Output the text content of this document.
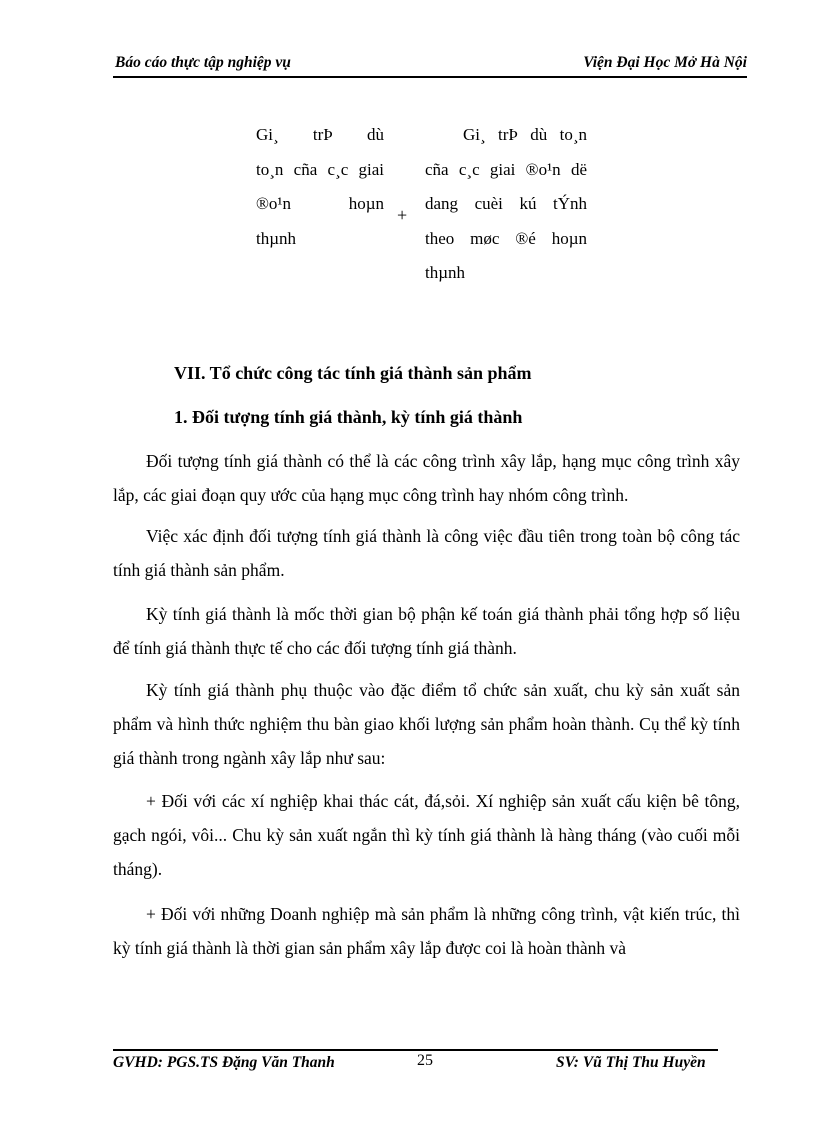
Báo cáo thực tập nghiệp vụ	Viện Đại Học Mở Hà Nội
Gi¸ trÞ dù
to¸n cña c¸c giai
®o¹n hoµn
thµnh
+
Gi¸ trÞ dù to¸n
cña c¸c giai ®o¹n dë
dang cuèi kú tÝnh
theo møc ®é hoµn
thµnh
VII. Tổ chức công tác tính giá thành sản phẩm
1. Đối tượng tính giá thành, kỳ tính giá thành
Đối tượng tính giá thành có thể là các công trình xây lắp, hạng mục công trình xây lắp, các giai đoạn quy ước của hạng mục công trình hay nhóm công trình.
Việc xác định đối tượng tính giá thành là công việc đầu tiên trong toàn bộ công tác tính giá thành sản phẩm.
Kỳ tính giá thành là mốc thời gian bộ phận kế toán giá thành phải tổng hợp số liệu để tính giá thành thực tế cho các đối tượng tính giá thành.
Kỳ tính giá thành phụ thuộc vào đặc điểm tổ chức sản xuất, chu kỳ sản xuất sản phẩm và hình thức nghiệm thu bàn giao khối lượng sản phẩm hoàn thành. Cụ thể kỳ tính giá thành trong ngành xây lắp như sau:
+ Đối với các xí nghiệp khai thác cát, đá,sỏi. Xí nghiệp sản xuất cấu kiện bê tông, gạch ngói, vôi... Chu kỳ sản xuất ngắn thì kỳ tính giá thành là hàng tháng (vào cuối mỗi tháng).
+ Đối với những Doanh nghiệp mà sản phẩm là những công trình, vật kiến trúc, thì kỳ tính giá thành là thời gian sản phẩm xây lắp được coi là hoàn thành và
GVHD: PGS.TS Đặng Văn Thanh	25	SV: Vũ Thị Thu Huyền
